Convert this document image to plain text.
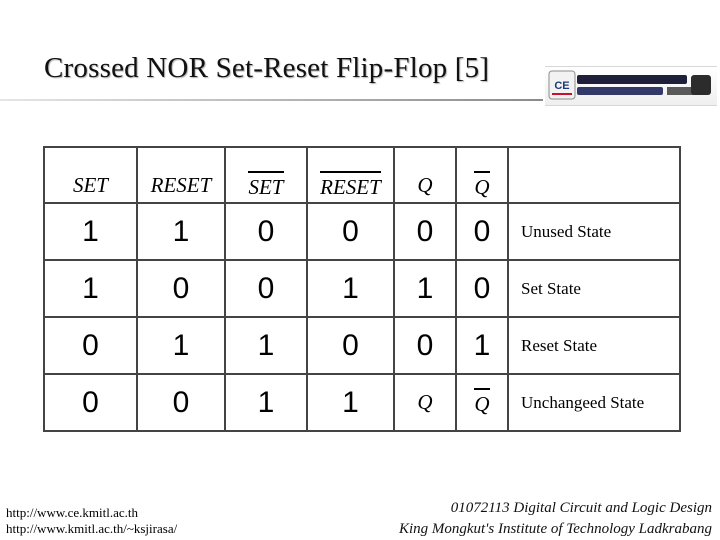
Crossed NOR Set-Reset Flip-Flop [5]
CE
SET	RESET	SET	RESET	Q	Q	
1	1	0	0	0	0	Unused State
1	0	0	1	1	0	Set State
0	1	1	0	0	1	Reset State
0	0	1	1	Q	Q	Unchangeed State
http://www.ce.kmitl.ac.th
http://www.kmitl.ac.th/~ksjirasa/
01072113 Digital Circuit and Logic Design
King Mongkut's Institute of Technology Ladkrabang
